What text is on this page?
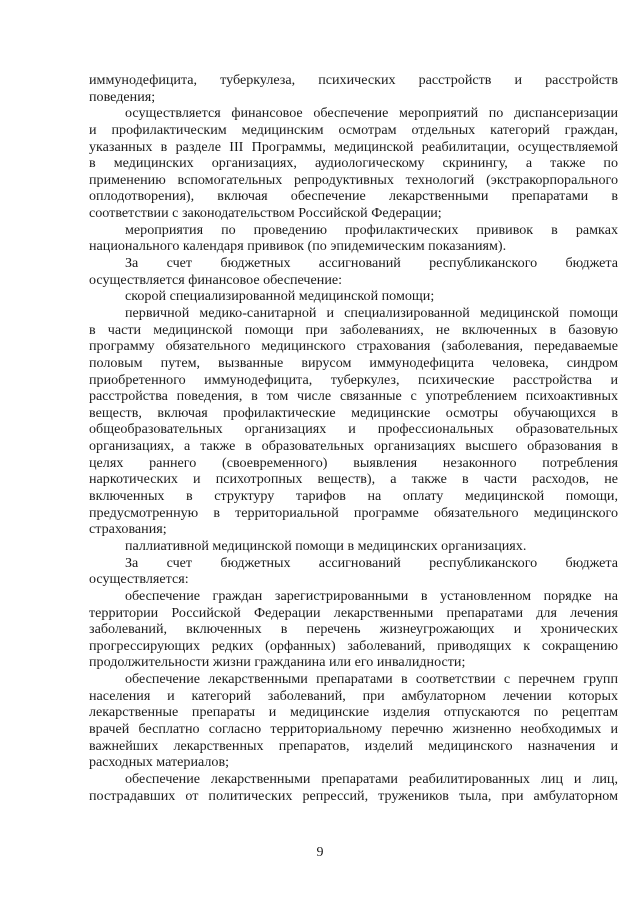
иммунодефицита, туберкулеза, психических расстройств и расстройств
поведения;
осуществляется финансовое обеспечение мероприятий по диспансеризации
и профилактическим медицинским осмотрам отдельных категорий граждан,
указанных в разделе III Программы, медицинской реабилитации, осуществляемой
в медицинских организациях, аудиологическому скринингу, а также по
применению вспомогательных репродуктивных технологий (экстракорпорального
оплодотворения), включая обеспечение лекарственными препаратами в
соответствии с законодательством Российской Федерации;
мероприятия по проведению профилактических прививок в рамках
национального календаря прививок (по эпидемическим показаниям).
За счет бюджетных ассигнований республиканского бюджета
осуществляется финансовое обеспечение:
скорой специализированной медицинской помощи;
первичной медико-санитарной и специализированной медицинской помощи
в части медицинской помощи при заболеваниях, не включенных в базовую
программу обязательного медицинского страхования (заболевания, передаваемые
половым путем, вызванные вирусом иммунодефицита человека, синдром
приобретенного иммунодефицита, туберкулез, психические расстройства и
расстройства поведения, в том числе связанные с употреблением психоактивных
веществ, включая профилактические медицинские осмотры обучающихся в
общеобразовательных организациях и профессиональных образовательных
организациях, а также в образовательных организациях высшего образования в
целях раннего (своевременного) выявления незаконного потребления
наркотических и психотропных веществ), а также в части расходов, не
включенных в структуру тарифов на оплату медицинской помощи,
предусмотренную в территориальной программе обязательного медицинского
страхования;
паллиативной медицинской помощи в медицинских организациях.
За счет бюджетных ассигнований республиканского бюджета
осуществляется:
обеспечение граждан зарегистрированными в установленном порядке на
территории Российской Федерации лекарственными препаратами для лечения
заболеваний, включенных в перечень жизнеугрожающих и хронических
прогрессирующих редких (орфанных) заболеваний, приводящих к сокращению
продолжительности жизни гражданина или его инвалидности;
обеспечение лекарственными препаратами в соответствии с перечнем групп
населения и категорий заболеваний, при амбулаторном лечении которых
лекарственные препараты и медицинские изделия отпускаются по рецептам
врачей бесплатно согласно территориальному перечню жизненно необходимых и
важнейших лекарственных препаратов, изделий медицинского назначения и
расходных материалов;
обеспечение лекарственными препаратами реабилитированных лиц и лиц,
пострадавших от политических репрессий, тружеников тыла, при амбулаторном
9
